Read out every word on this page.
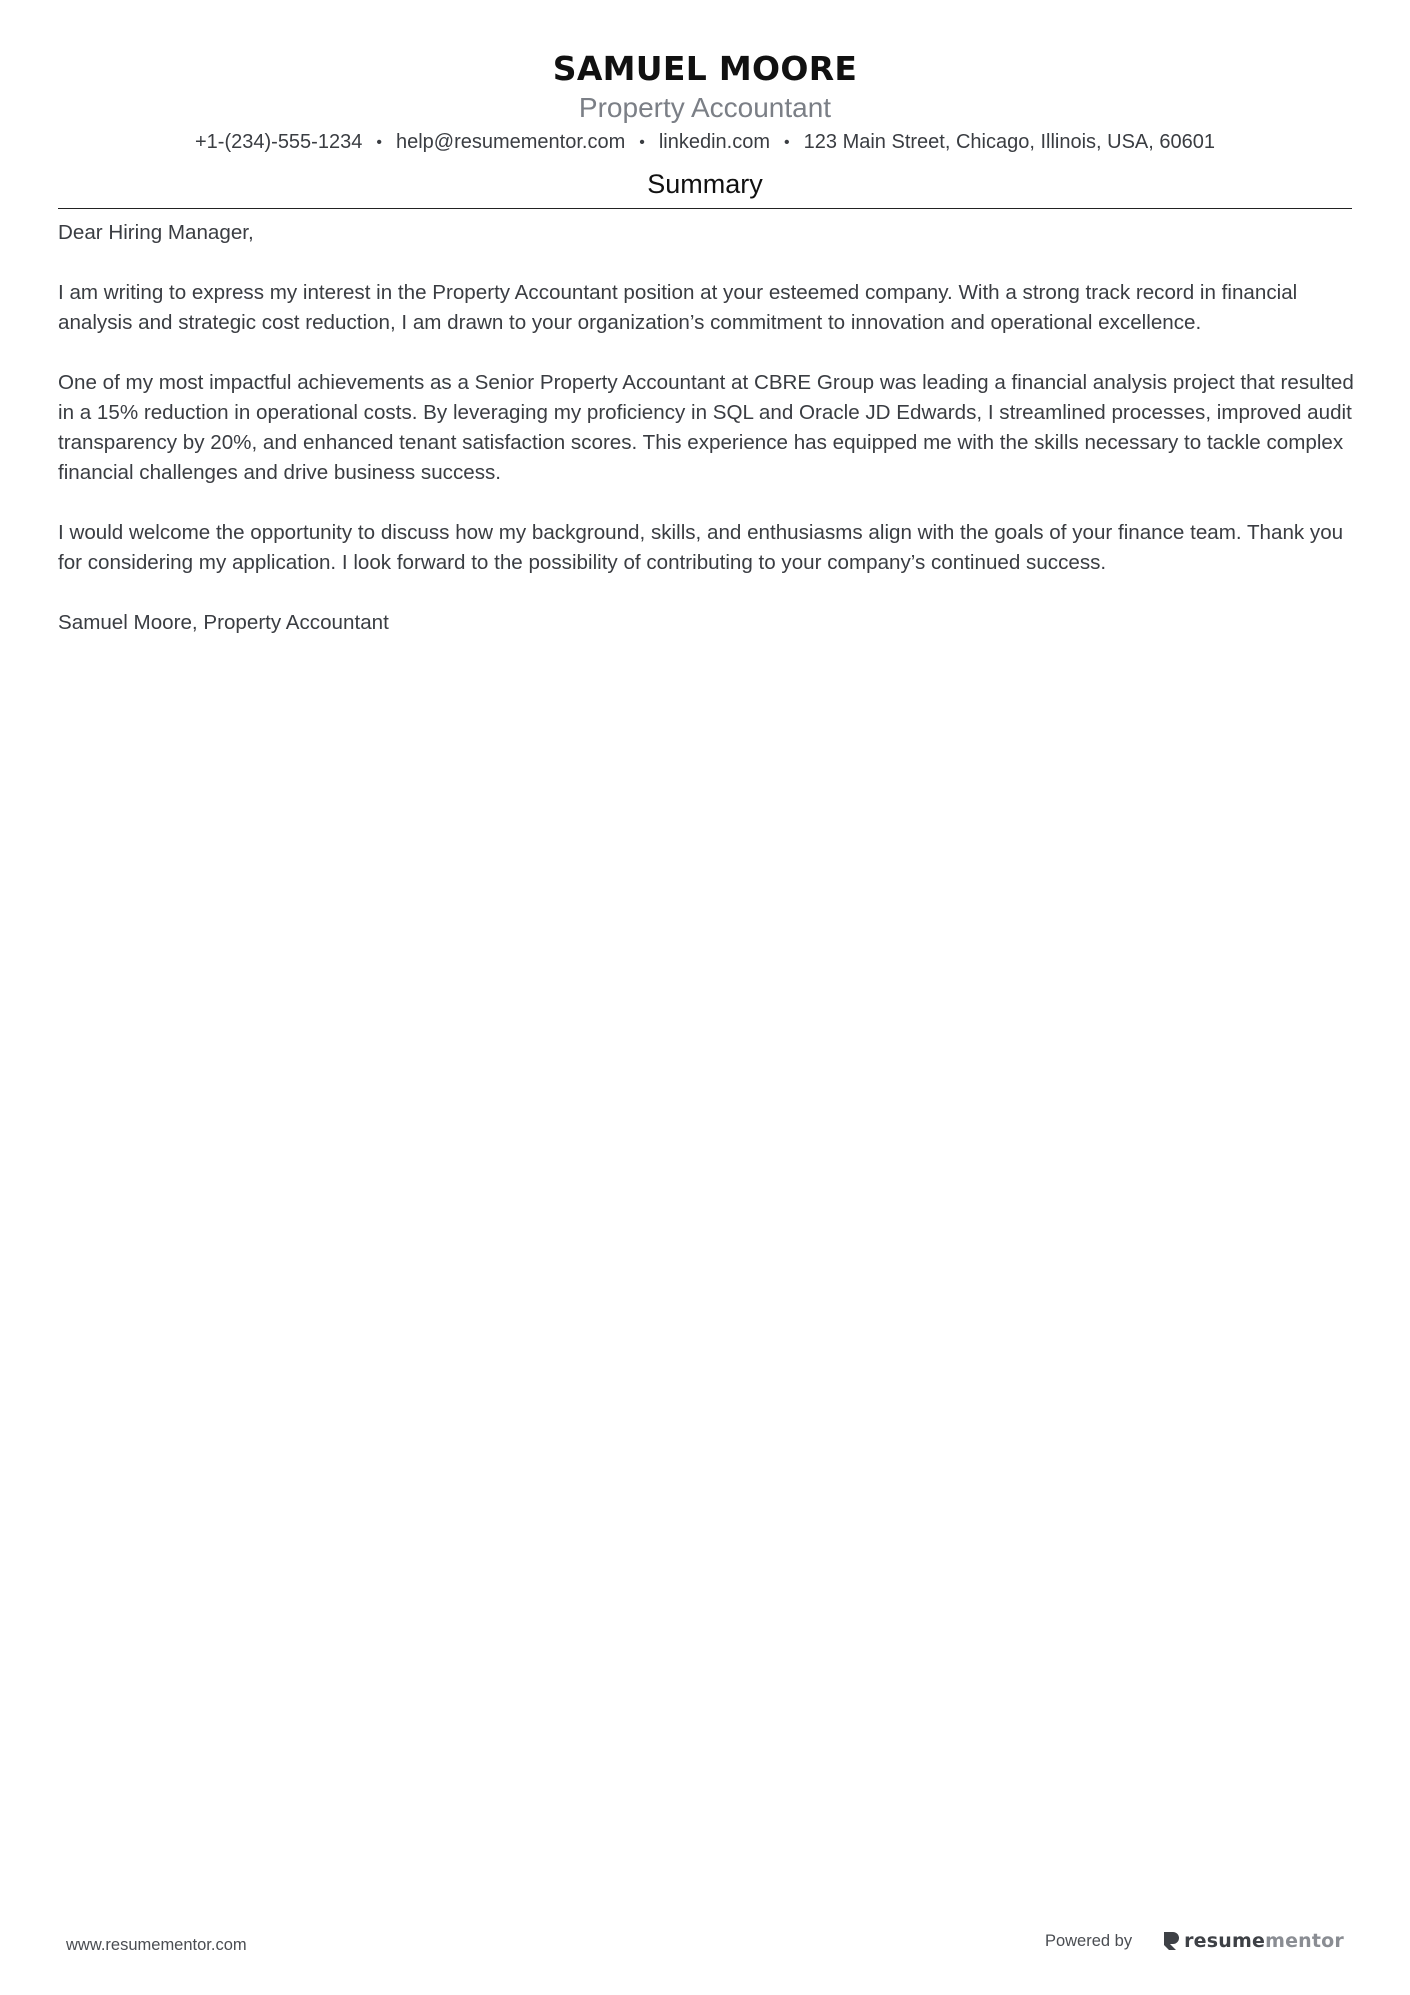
SAMUEL MOORE
Property Accountant
+1-(234)-555-1234 • help@resumementor.com • linkedin.com • 123 Main Street, Chicago, Illinois, USA, 60601
Summary

Dear Hiring Manager,

I am writing to express my interest in the Property Accountant position at your esteemed company. With a strong track record in financial analysis and strategic cost reduction, I am drawn to your organization’s commitment to innovation and operational excellence.

One of my most impactful achievements as a Senior Property Accountant at CBRE Group was leading a financial analysis project that resulted in a 15% reduction in operational costs. By leveraging my proficiency in SQL and Oracle JD Edwards, I streamlined processes, improved audit transparency by 20%, and enhanced tenant satisfaction scores. This experience has equipped me with the skills necessary to tackle complex financial challenges and drive business success.

I would welcome the opportunity to discuss how my background, skills, and enthusiasms align with the goals of your finance team. Thank you for considering my application. I look forward to the possibility of contributing to your company’s continued success.

Samuel Moore, Property Accountant

www.resumementor.com	Powered by	resume mentor
